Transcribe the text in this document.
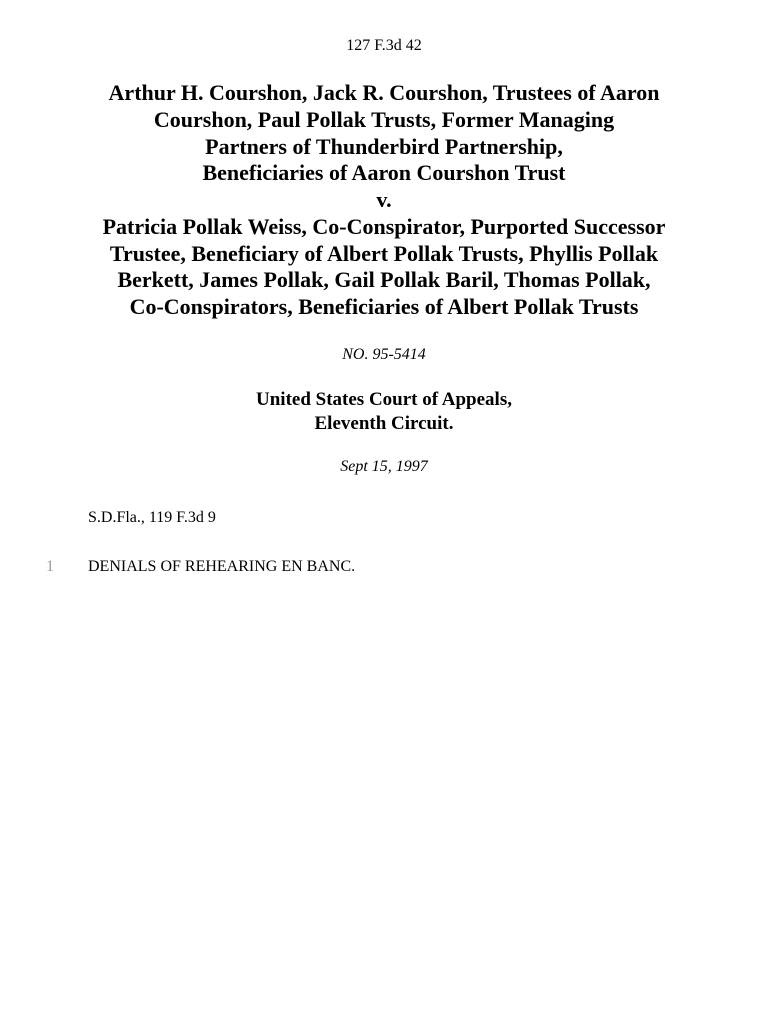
127 F.3d 42
Arthur H. Courshon, Jack R. Courshon, Trustees of Aaron
Courshon, Paul Pollak Trusts, Former Managing
Partners of Thunderbird Partnership,
Beneficiaries of Aaron Courshon Trust
v.
Patricia Pollak Weiss, Co-Conspirator, Purported Successor
Trustee, Beneficiary of Albert Pollak Trusts, Phyllis Pollak
Berkett, James Pollak, Gail Pollak Baril, Thomas Pollak,
Co-Conspirators, Beneficiaries of Albert Pollak Trusts
NO. 95-5414
United States Court of Appeals,
Eleventh Circuit.
Sept 15, 1997
S.D.Fla., 119 F.3d 9
1 DENIALS OF REHEARING EN BANC.
